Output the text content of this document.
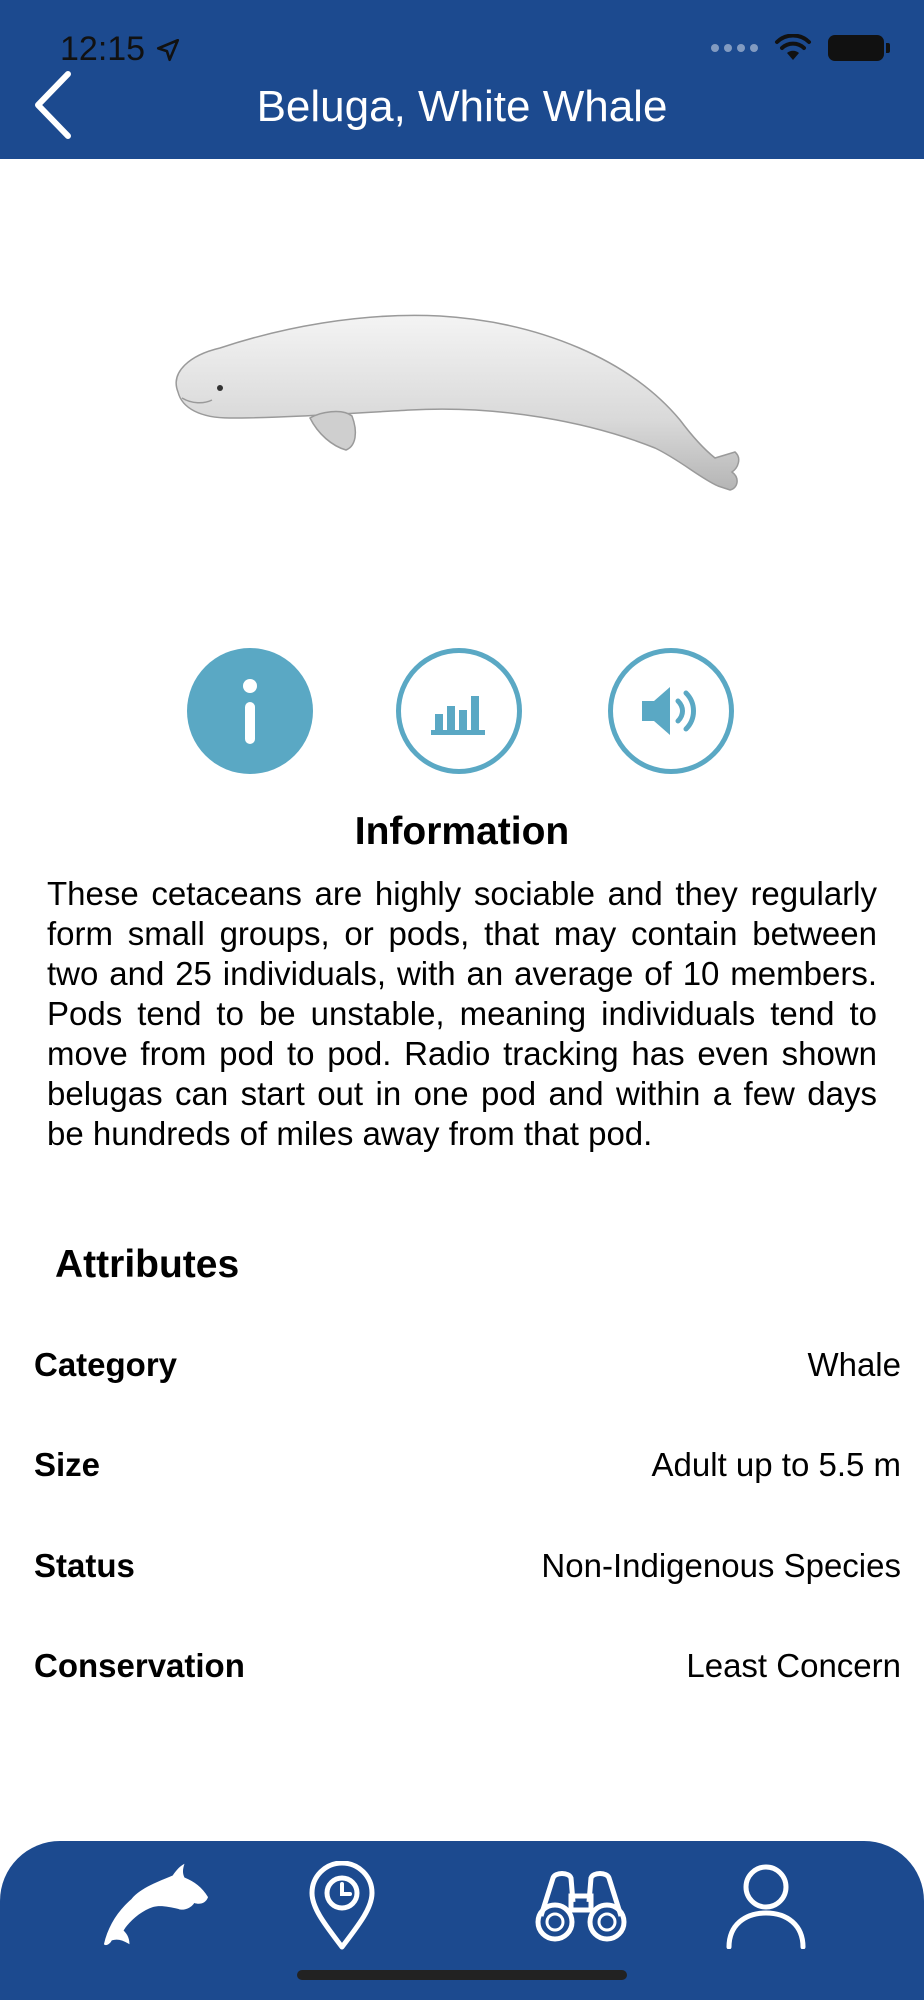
12:15
Beluga, White Whale
Information
These cetaceans are highly sociable and they regularly form small groups, or pods, that may contain between two and 25 individuals, with an average of 10 members. Pods tend to be unstable, meaning individuals tend to move from pod to pod. Radio tracking has even shown belugas can start out in one pod and within a few days be hundreds of miles away from that pod.
Attributes
Category	Whale
Size	Adult up to 5.5 m
Status	Non-Indigenous Species
Conservation	Least Concern
